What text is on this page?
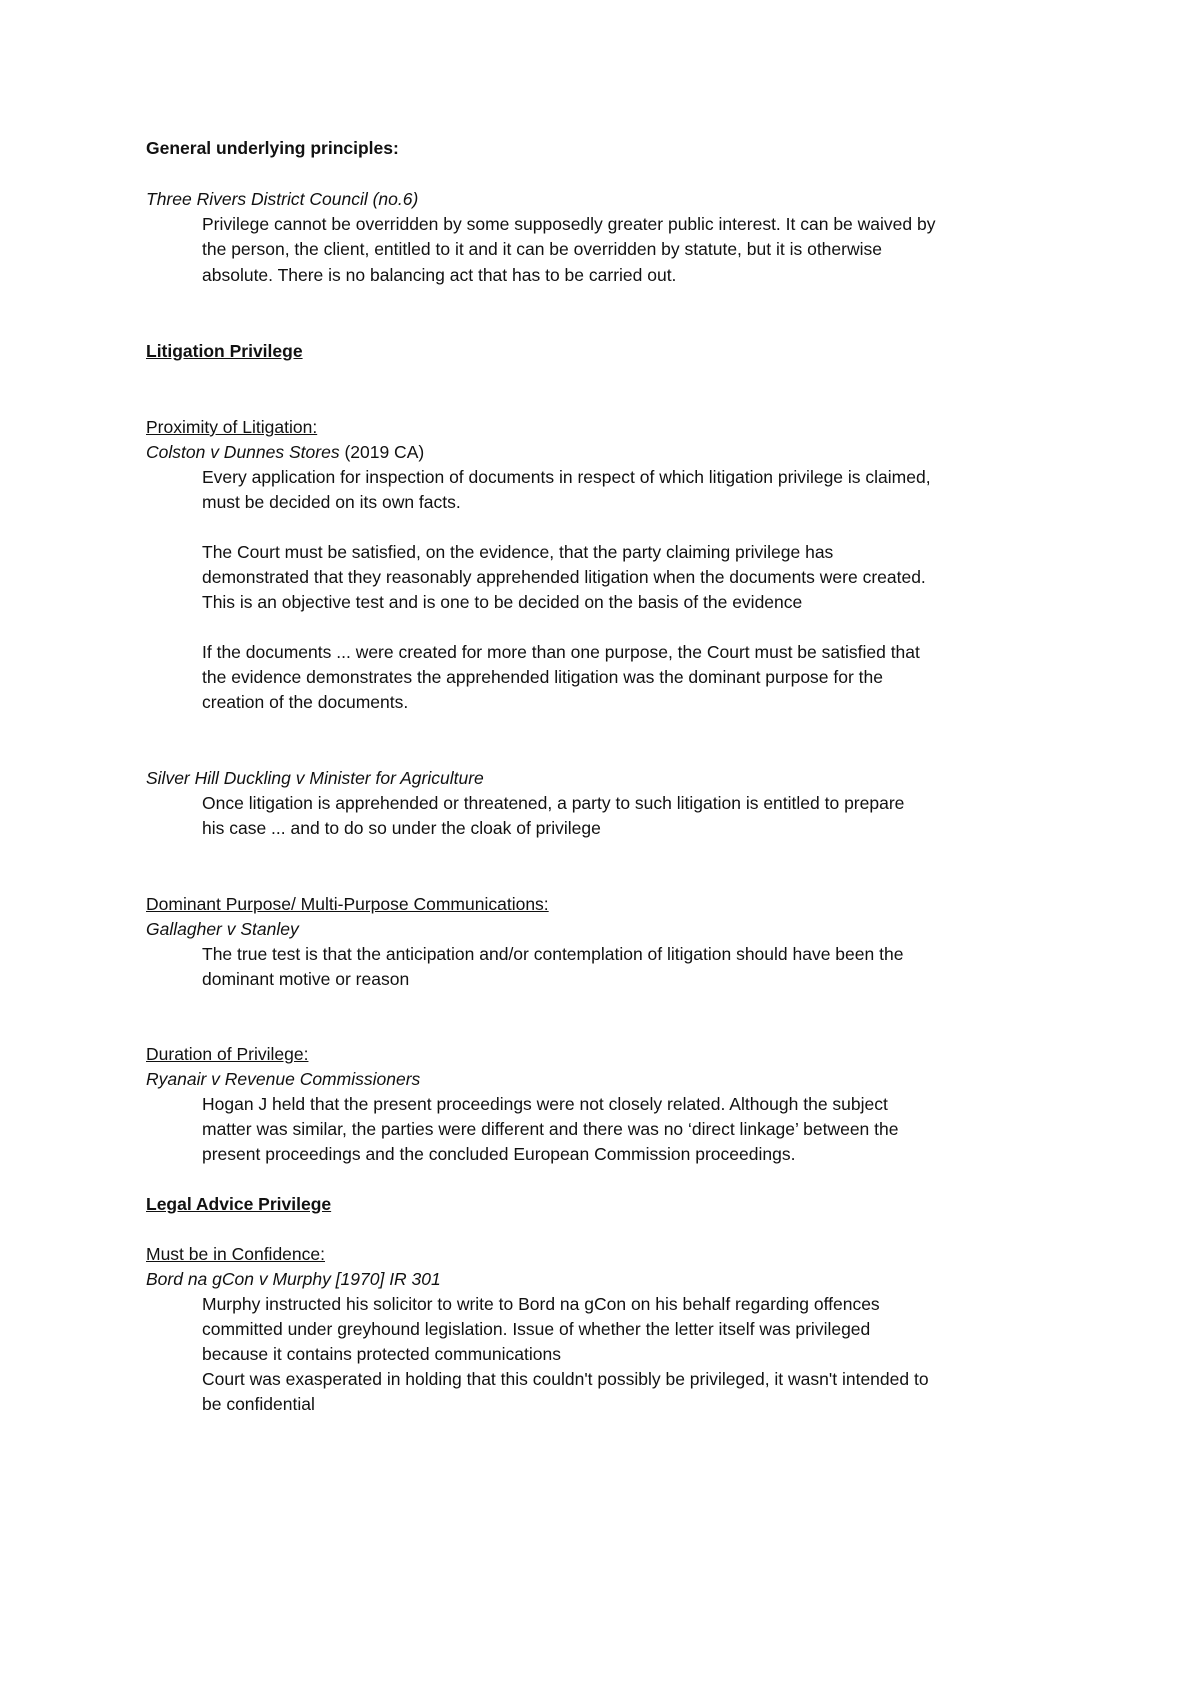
General underlying principles:
Three Rivers District Council (no.6)
Privilege cannot be overridden by some supposedly greater public interest. It can be waived by
the person, the client, entitled to it and it can be overridden by statute, but it is otherwise
absolute. There is no balancing act that has to be carried out.
Litigation Privilege
Proximity of Litigation:
Colston v Dunnes Stores (2019 CA)
Every application for inspection of documents in respect of which litigation privilege is claimed,
must be decided on its own facts.
The Court must be satisfied, on the evidence, that the party claiming privilege has
demonstrated that they reasonably apprehended litigation when the documents were created.
This is an objective test and is one to be decided on the basis of the evidence
If the documents ... were created for more than one purpose, the Court must be satisfied that
the evidence demonstrates the apprehended litigation was the dominant purpose for the
creation of the documents.
Silver Hill Duckling v Minister for Agriculture
Once litigation is apprehended or threatened, a party to such litigation is entitled to prepare
his case ... and to do so under the cloak of privilege
Dominant Purpose/ Multi-Purpose Communications:
Gallagher v Stanley
The true test is that the anticipation and/or contemplation of litigation should have been the
dominant motive or reason
Duration of Privilege:
Ryanair v Revenue Commissioners
Hogan J held that the present proceedings were not closely related. Although the subject
matter was similar, the parties were different and there was no ‘direct linkage’ between the
present proceedings and the concluded European Commission proceedings.
Legal Advice Privilege
Must be in Confidence:
Bord na gCon v Murphy [1970] IR 301
Murphy instructed his solicitor to write to Bord na gCon on his behalf regarding offences
committed under greyhound legislation. Issue of whether the letter itself was privileged
because it contains protected communications
Court was exasperated in holding that this couldn't possibly be privileged, it wasn't intended to
be confidential
